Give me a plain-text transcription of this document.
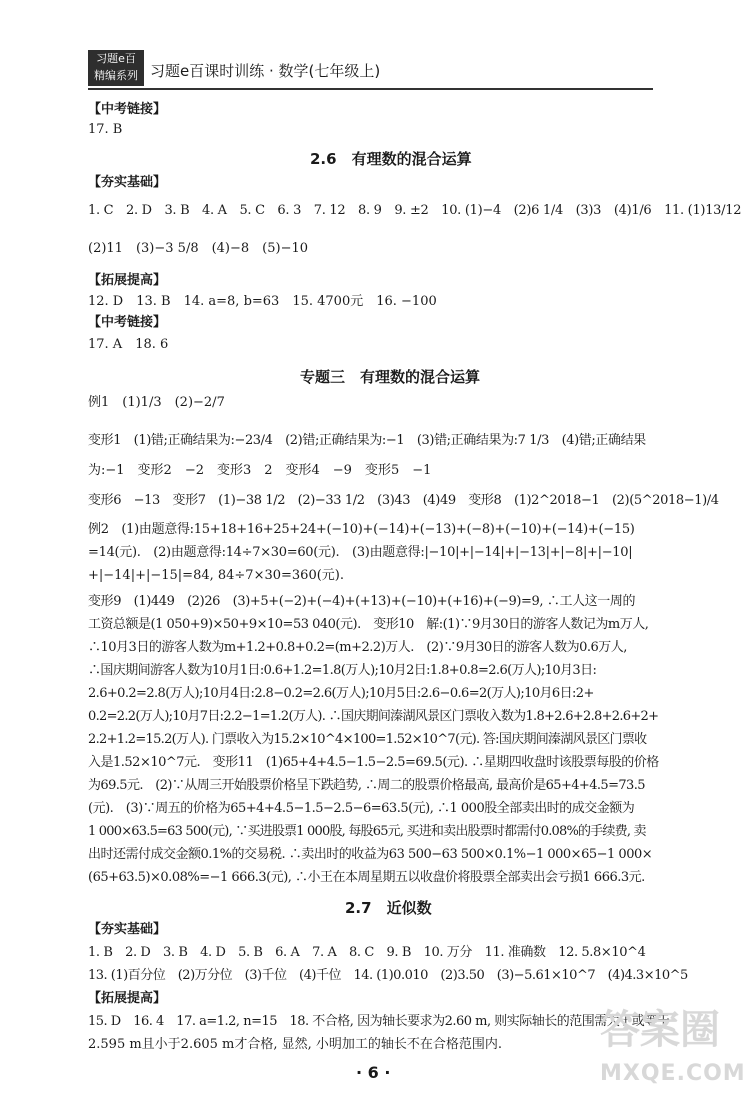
习题e百
精编系列 习题e百课时训练 · 数学(七年级上)
【中考链接】
17. B
2.6　有理数的混合运算
【夯实基础】
1. C　2. D　3. B　4. A　5. C　6. 3　7. 12　8. 9　9. ±2　10. (1)−4　(2)6 1/4　(3)3　(4)1/6　11. (1)13/12
(2)11　(3)−3 5/8　(4)−8　(5)−10
【拓展提高】
12. D　13. B　14. a=8, b=63　15. 4700元　16. −100
【中考链接】
17. A　18. 6
专题三　有理数的混合运算
例1　(1)1/3　(2)−2/7
变形1　(1)错;正确结果为:−23/4　(2)错;正确结果为:−1　(3)错;正确结果为:7 1/3　(4)错;正确结果
为:−1　变形2　−2　变形3　2　变形4　−9　变形5　−1
变形6　−13　变形7　(1)−38 1/2　(2)−33 1/2　(3)43　(4)49　变形8　(1)2^2018−1　(2)(5^2018−1)/4
例2　(1)由题意得:15+18+16+25+24+(−10)+(−14)+(−13)+(−8)+(−10)+(−14)+(−15)
=14(元).　(2)由题意得:14÷7×30=60(元).　(3)由题意得:|−10|+|−14|+|−13|+|−8|+|−10|
+|−14|+|−15|=84, 84÷7×30=360(元).
变形9　(1)449　(2)26　(3)+5+(−2)+(−4)+(+13)+(−10)+(+16)+(−9)=9, ∴工人这一周的
工资总额是(1 050+9)×50+9×10=53 040(元).　变形10　解:(1)∵9月30日的游客人数记为m万人,
∴10月3日的游客人数为m+1.2+0.8+0.2=(m+2.2)万人.　(2)∵9月30日的游客人数为0.6万人,
∴国庆期间游客人数为10月1日:0.6+1.2=1.8(万人);10月2日:1.8+0.8=2.6(万人);10月3日:
2.6+0.2=2.8(万人);10月4日:2.8−0.2=2.6(万人);10月5日:2.6−0.6=2(万人);10月6日:2+
0.2=2.2(万人);10月7日:2.2−1=1.2(万人). ∴国庆期间溱湖风景区门票收入数为1.8+2.6+2.8+2.6+2+
2.2+1.2=15.2(万人). 门票收入为15.2×10^4×100=1.52×10^7(元). 答:国庆期间溱湖风景区门票收
入是1.52×10^7元.　变形11　(1)65+4+4.5−1.5−2.5=69.5(元). ∴星期四收盘时该股票每股的价格
为69.5元.　(2)∵从周三开始股票价格呈下跌趋势, ∴周二的股票价格最高, 最高价是65+4+4.5=73.5
(元).　(3)∵周五的价格为65+4+4.5−1.5−2.5−6=63.5(元), ∴1 000股全部卖出时的成交金额为
1 000×63.5=63 500(元), ∵买进股票1 000股, 每股65元, 买进和卖出股票时都需付0.08%的手续费, 卖
出时还需付成交金额0.1%的交易税. ∴卖出时的收益为63 500−63 500×0.1%−1 000×65−1 000×
(65+63.5)×0.08%=−1 666.3(元), ∴小王在本周星期五以收盘价将股票全部卖出会亏损1 666.3元.
2.7　近似数
【夯实基础】
1. B　2. D　3. B　4. D　5. B　6. A　7. A　8. C　9. B　10. 万分　11. 准确数　12. 5.8×10^4
13. (1)百分位　(2)万分位　(3)千位　(4)千位　14. (1)0.010　(2)3.50　(3)−5.61×10^7　(4)4.3×10^5
【拓展提高】
15. D　16. 4　17. a=1.2, n=15　18. 不合格, 因为轴长要求为2.60 m, 则实际轴长的范围需大于或等于
2.595 m且小于2.605 m才合格, 显然, 小明加工的轴长不在合格范围内.
· 6 ·
答案圈
MXQE.COM
